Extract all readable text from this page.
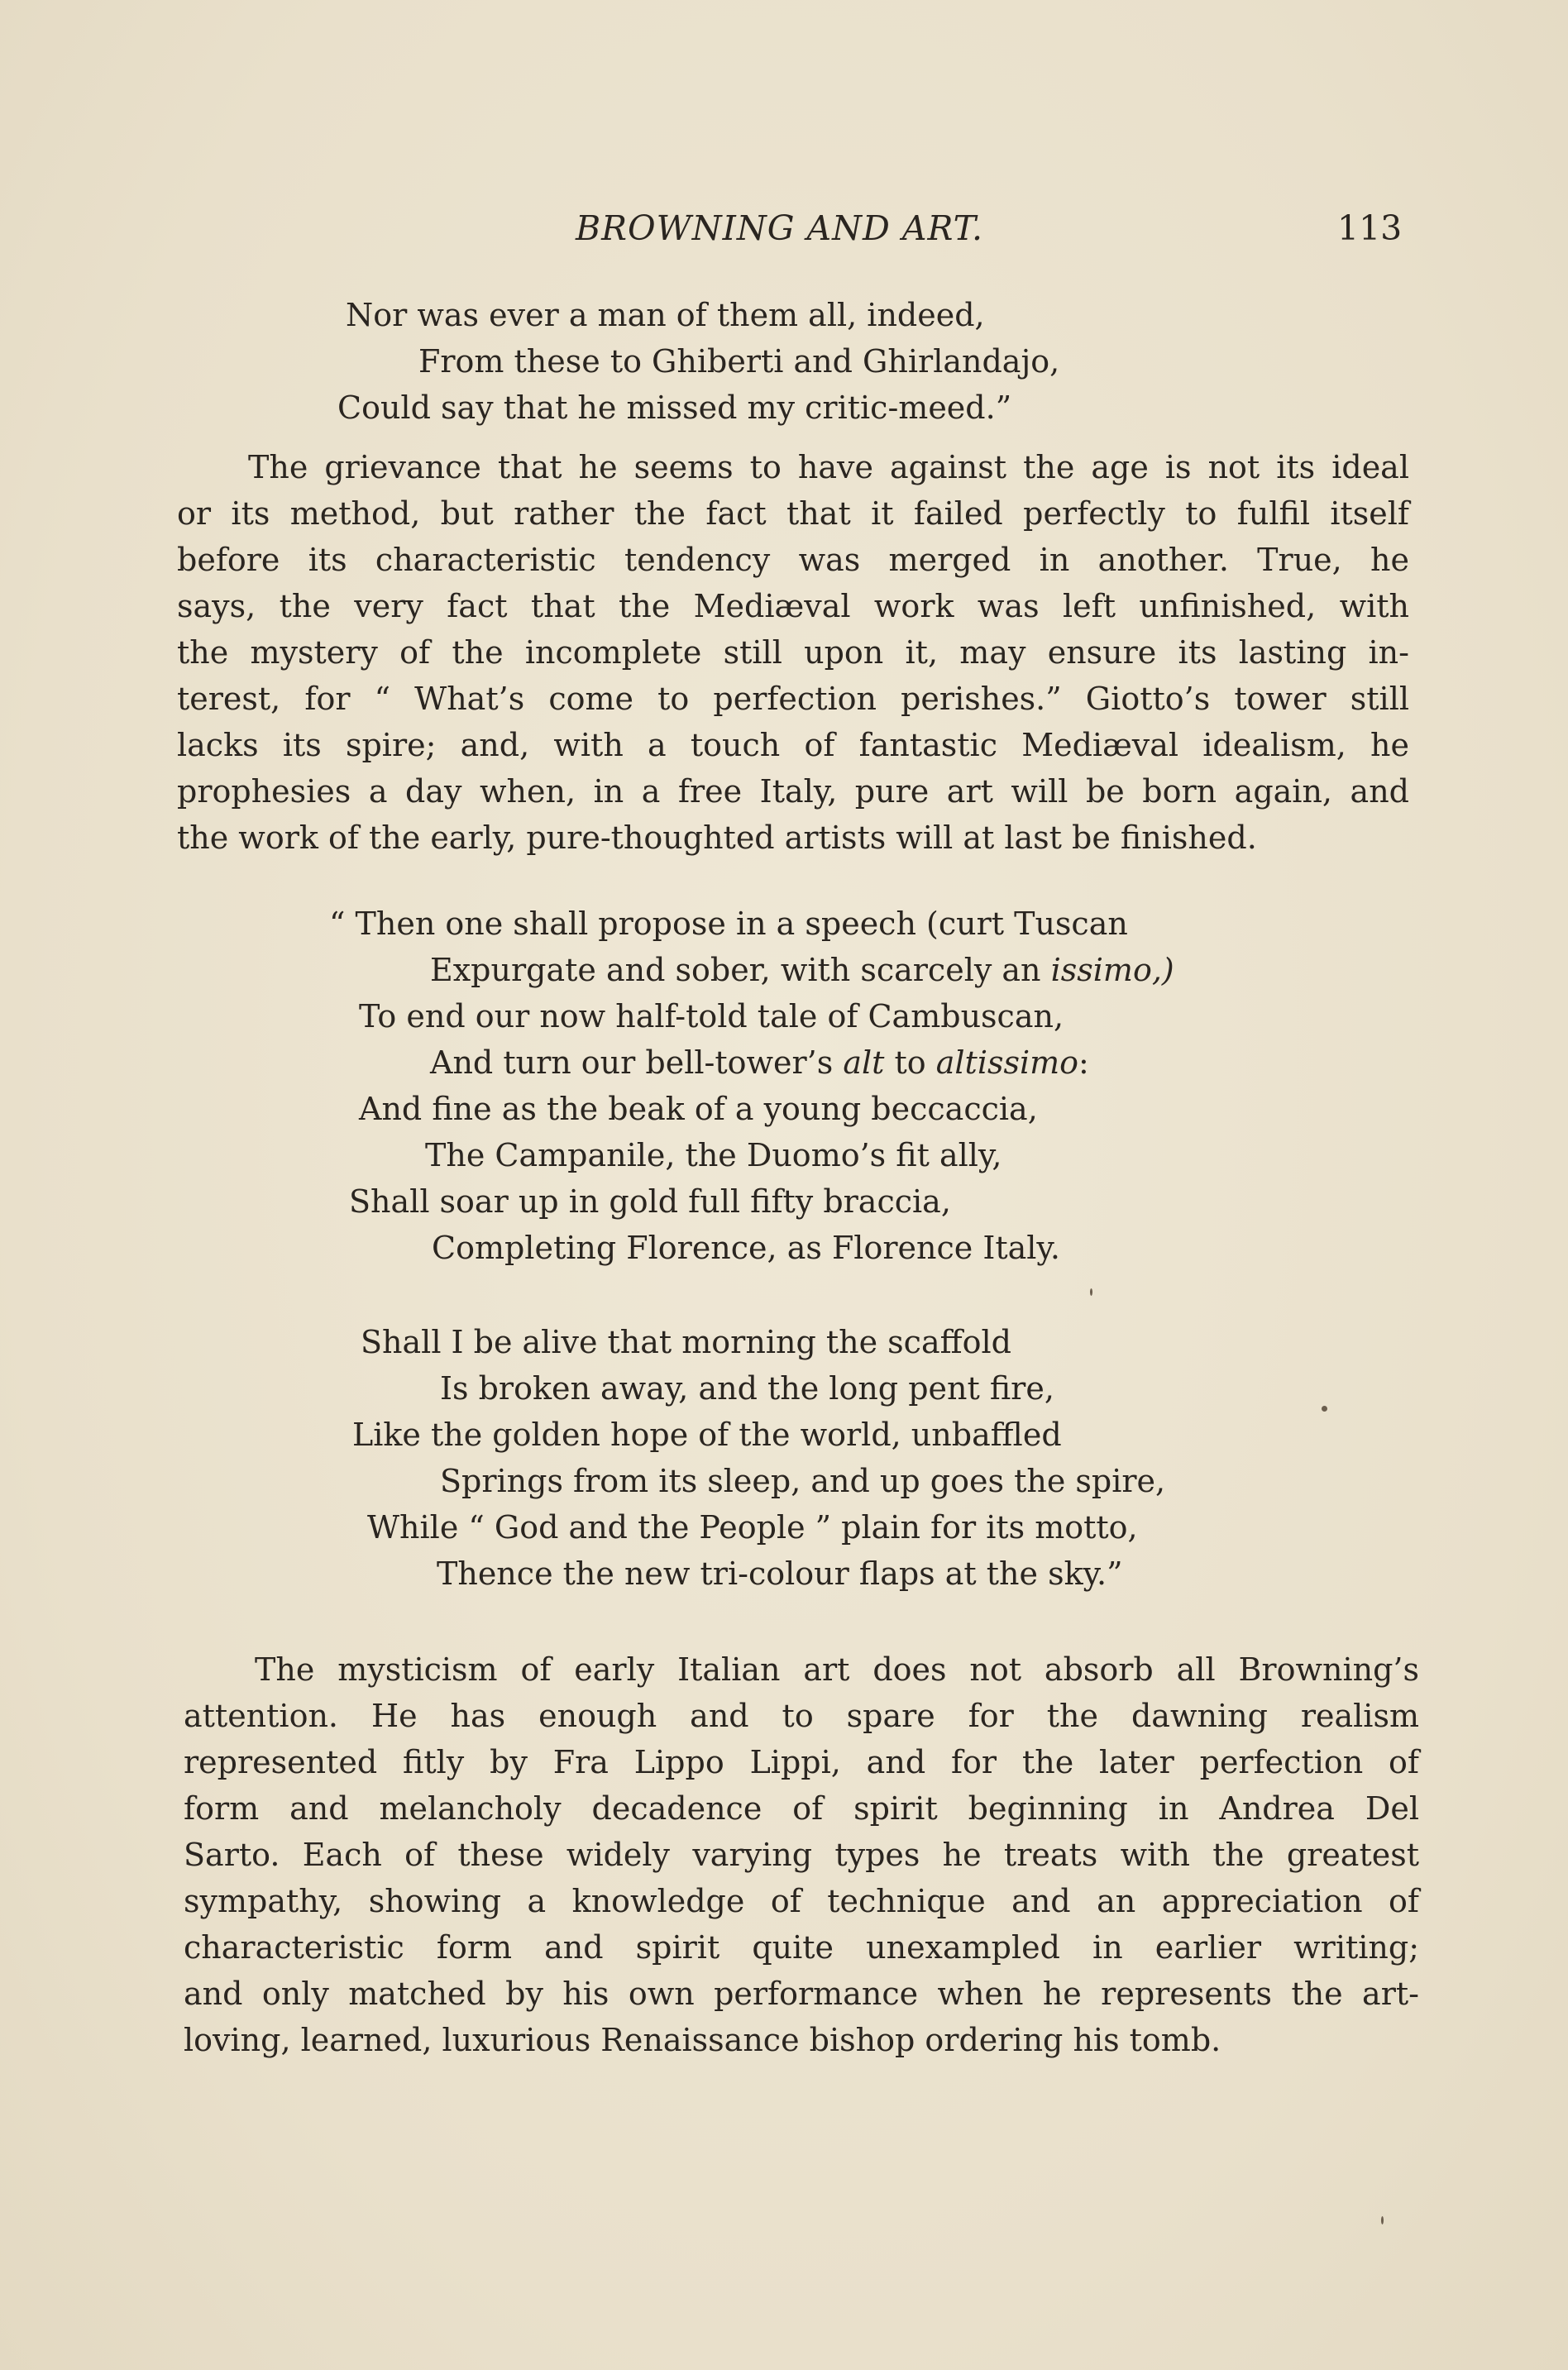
BROWNING AND ART.	113
Nor was ever a man of them all, indeed,
From these to Ghiberti and Ghirlandajo,
Could say that he missed my critic-meed.”
The grievance that he seems to have against the age is not its ideal
or its method, but rather the fact that it failed perfectly to fulfil itself
before its characteristic tendency was merged in another. True, he
says, the very fact that the Mediæval work was left unfinished, with
the mystery of the incomplete still upon it, may ensure its lasting in-
terest, for “ What’s come to perfection perishes.” Giotto’s tower still
lacks its spire; and, with a touch of fantastic Mediæval idealism, he
prophesies a day when, in a free Italy, pure art will be born again, and
the work of the early, pure-thoughted artists will at last be finished.
“ Then one shall propose in a speech (curt Tuscan
Expurgate and sober, with scarcely an issimo,)
To end our now half-told tale of Cambuscan,
And turn our bell-tower’s alt to altissimo:
And fine as the beak of a young beccaccia,
The Campanile, the Duomo’s fit ally,
Shall soar up in gold full fifty braccia,
Completing Florence, as Florence Italy.
Shall I be alive that morning the scaffold
Is broken away, and the long pent fire,
Like the golden hope of the world, unbaffled
Springs from its sleep, and up goes the spire,
While “ God and the People ” plain for its motto,
Thence the new tri-colour flaps at the sky.”
The mysticism of early Italian art does not absorb all Browning’s
attention. He has enough and to spare for the dawning realism
represented fitly by Fra Lippo Lippi, and for the later perfection of
form and melancholy decadence of spirit beginning in Andrea Del
Sarto. Each of these widely varying types he treats with the greatest
sympathy, showing a knowledge of technique and an appreciation of
characteristic form and spirit quite unexampled in earlier writing;
and only matched by his own performance when he represents the art-
loving, learned, luxurious Renaissance bishop ordering his tomb.
